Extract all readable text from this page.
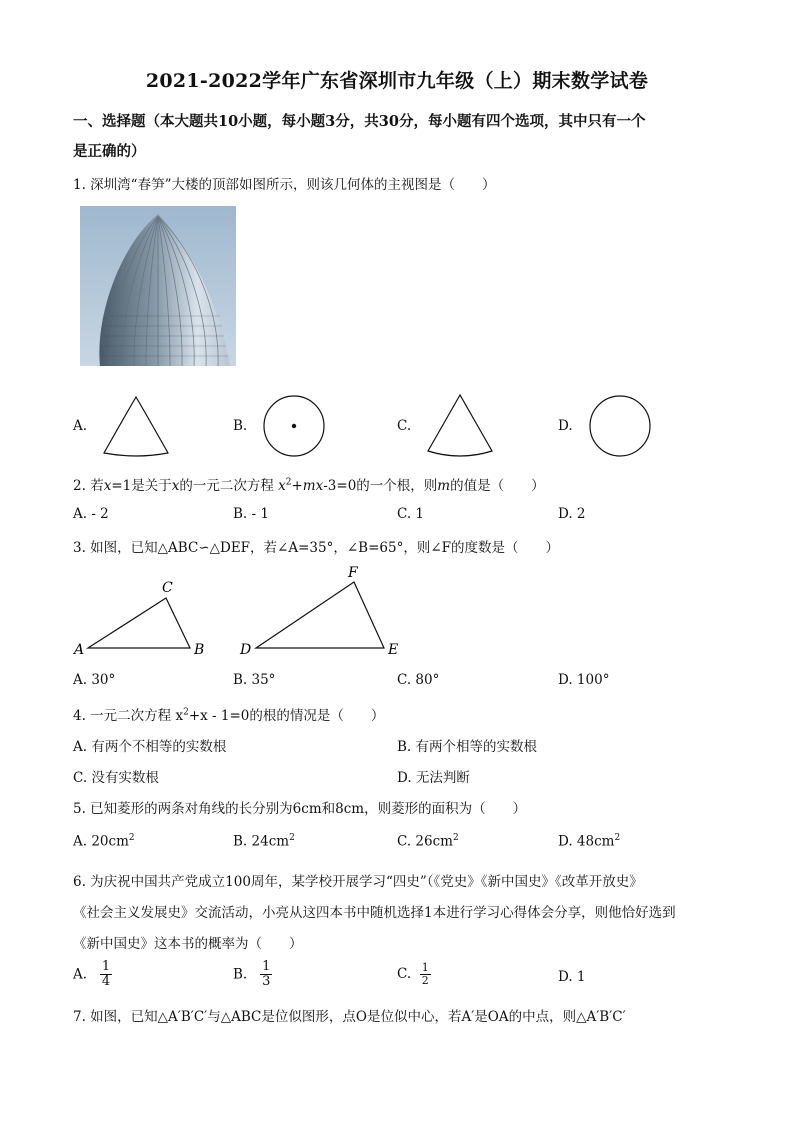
2021-2022学年广东省深圳市九年级（上）期末数学试卷
一、选择题（本大题共10小题，每小题3分，共30分，每小题有四个选项，其中只有一个
是正确的）
1. 深圳湾“春笋”大楼的顶部如图所示，则该几何体的主视图是（　　）
A.	B.	C.	D.
2. 若x=1是关于x的一元二次方程 $x^2+mx-3=0$的一个根，则m的值是（　　）
A. - 2	B. - 1	C. 1	D. 2
3. 如图，已知△ABC∽△DEF，若∠A=35°，∠B=65°，则∠F的度数是（　　）
A
C
B	D
F
E
A. 30°	B. 35°	C. 80°	D. 100°
4. 一元二次方程 $x^2+x - 1=0$的根的情况是（　　）
A. 有两个不相等的实数根	B. 有两个相等的实数根
C. 没有实数根	D. 无法判断
5. 已知菱形的两条对角线的长分别为6cm和8cm，则菱形的面积为（　　）
A. $20cm^2$	B. $24cm^2$	C. $26cm^2$	D. $48cm^2$
6. 为庆祝中国共产党成立100周年，某学校开展学习“四史”（《党史》《新中国史》《改革开放史》
《社会主义发展史》交流活动，小亮从这四本书中随机选择1本进行学习心得体会分享，则他恰好选到
《新中国史》这本书的概率为（　　）
A. $\frac{1}{4}$	B. $\frac{1}{3}$	C. $\frac{1}{2}$	D. 1
7. 如图，已知△A′B′C′与△ABC是位似图形，点O是位似中心，若A′是OA的中点，则△A′B′C′
